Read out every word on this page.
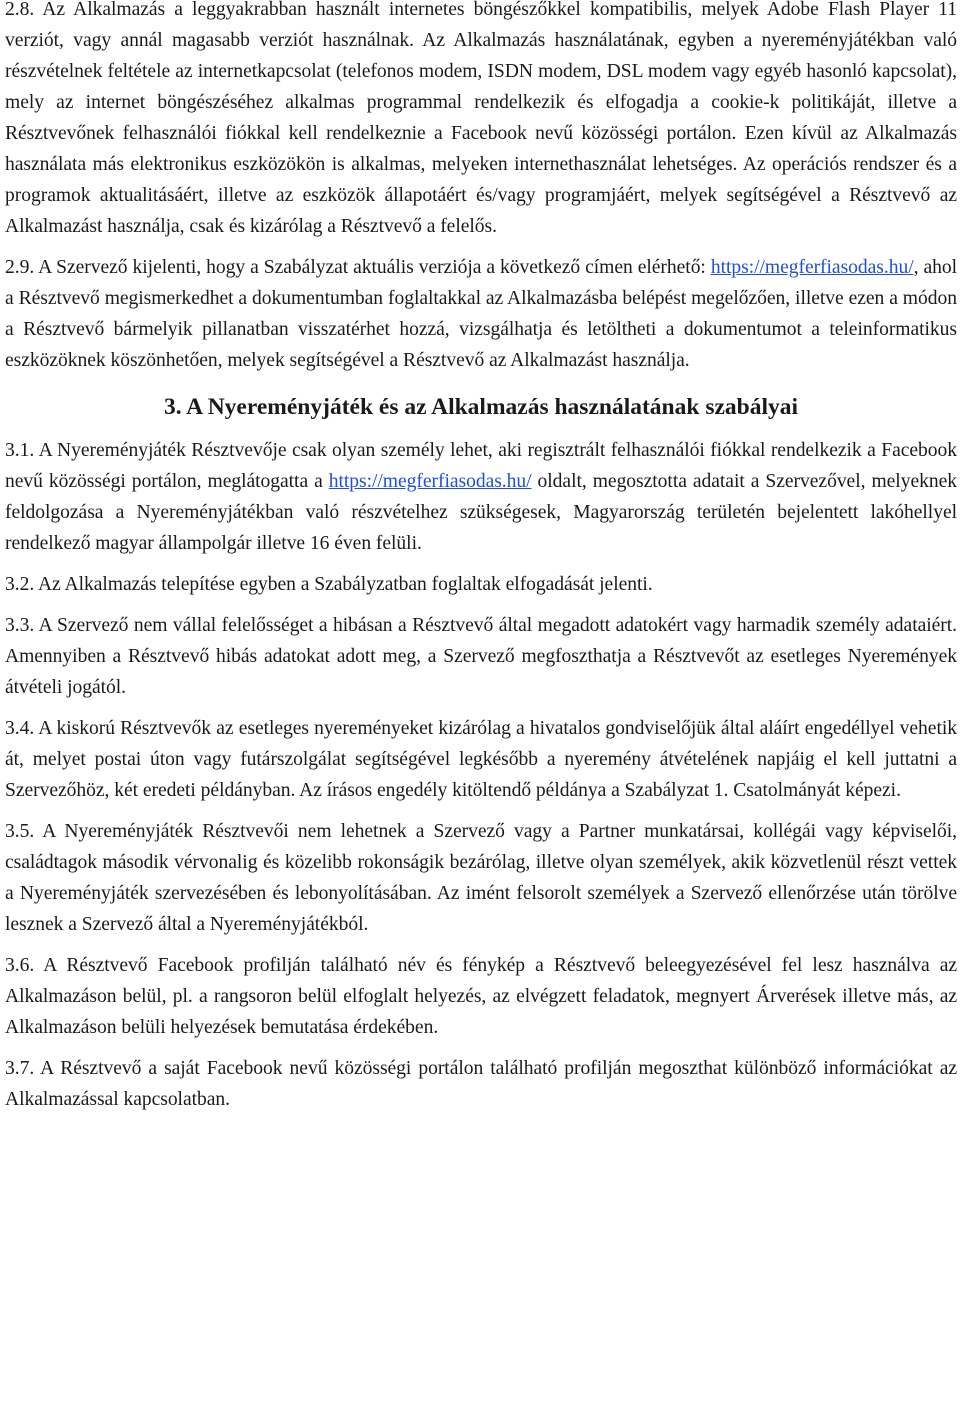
2.8. Az Alkalmazás a leggyakrabban használt internetes böngészőkkel kompatibilis, melyek Adobe Flash Player 11 verziót, vagy annál magasabb verziót használnak. Az Alkalmazás használatának, egyben a nyereményjátékban való részvételnek feltétele az internetkapcsolat (telefonos modem, ISDN modem, DSL modem vagy egyéb hasonló kapcsolat), mely az internet böngészéséhez alkalmas programmal rendelkezik és elfogadja a cookie-k politikáját, illetve a Résztvevőnek felhasználói fiókkal kell rendelkeznie a Facebook nevű közösségi portálon. Ezen kívül az Alkalmazás használata más elektronikus eszközökön is alkalmas, melyeken internethasználat lehetséges. Az operációs rendszer és a programok aktualitásáért, illetve az eszközök állapotáért és/vagy programjáért, melyek segítségével a Résztvevő az Alkalmazást használja, csak és kizárólag a Résztvevő a felelős.

2.9. A Szervező kijelenti, hogy a Szabályzat aktuális verziója a következő címen elérhető: https://megferfiasodas.hu/, ahol a Résztvevő megismerkedhet a dokumentumban foglaltakkal az Alkalmazásba belépést megelőzően, illetve ezen a módon a Résztvevő bármelyik pillanatban visszatérhet hozzá, vizsgálhatja és letöltheti a dokumentumot a teleinformatikus eszközöknek köszönhetően, melyek segítségével a Résztvevő az Alkalmazást használja.

3. A Nyereményjáték és az Alkalmazás használatának szabályai

3.1. A Nyereményjáték Résztvevője csak olyan személy lehet, aki regisztrált felhasználói fiókkal rendelkezik a Facebook nevű közösségi portálon, meglátogatta a https://megferfiasodas.hu/ oldalt, megosztotta adatait a Szervezővel, melyeknek feldolgozása a Nyereményjátékban való részvételhez szükségesek, Magyarország területén bejelentett lakóhellyel rendelkező magyar állampolgár illetve 16 éven felüli.

3.2. Az Alkalmazás telepítése egyben a Szabályzatban foglaltak elfogadását jelenti.

3.3. A Szervező nem vállal felelősséget a hibásan a Résztvevő által megadott adatokért vagy harmadik személy adataiért. Amennyiben a Résztvevő hibás adatokat adott meg, a Szervező megfoszthatja a Résztvevőt az esetleges Nyeremények átvételi jogától.

3.4. A kiskorú Résztvevők az esetleges nyereményeket kizárólag a hivatalos gondviselőjük által aláírt engedéllyel vehetik át, melyet postai úton vagy futárszolgálat segítségével legkésőbb a nyeremény átvételének napjáig el kell juttatni a Szervezőhöz, két eredeti példányban. Az írásos engedély kitöltendő példánya a Szabályzat 1. Csatolmányát képezi.

3.5. A Nyereményjáték Résztvevői nem lehetnek a Szervező vagy a Partner munkatársai, kollégái vagy képviselői, családtagok második vérvonalig és közelibb rokonságik bezárólag, illetve olyan személyek, akik közvetlenül részt vettek a Nyereményjáték szervezésében és lebonyolításában. Az imént felsorolt személyek a Szervező ellenőrzése után törölve lesznek a Szervező által a Nyereményjátékból.

3.6. A Résztvevő Facebook profilján található név és fénykép a Résztvevő beleegyezésével fel lesz használva az Alkalmazáson belül, pl. a rangsoron belül elfoglalt helyezés, az elvégzett feladatok, megnyert Árverések illetve más, az Alkalmazáson belüli helyezések bemutatása érdekében.

3.7. A Résztvevő a saját Facebook nevű közösségi portálon található profilján megoszthat különböző információkat az Alkalmazással kapcsolatban.
